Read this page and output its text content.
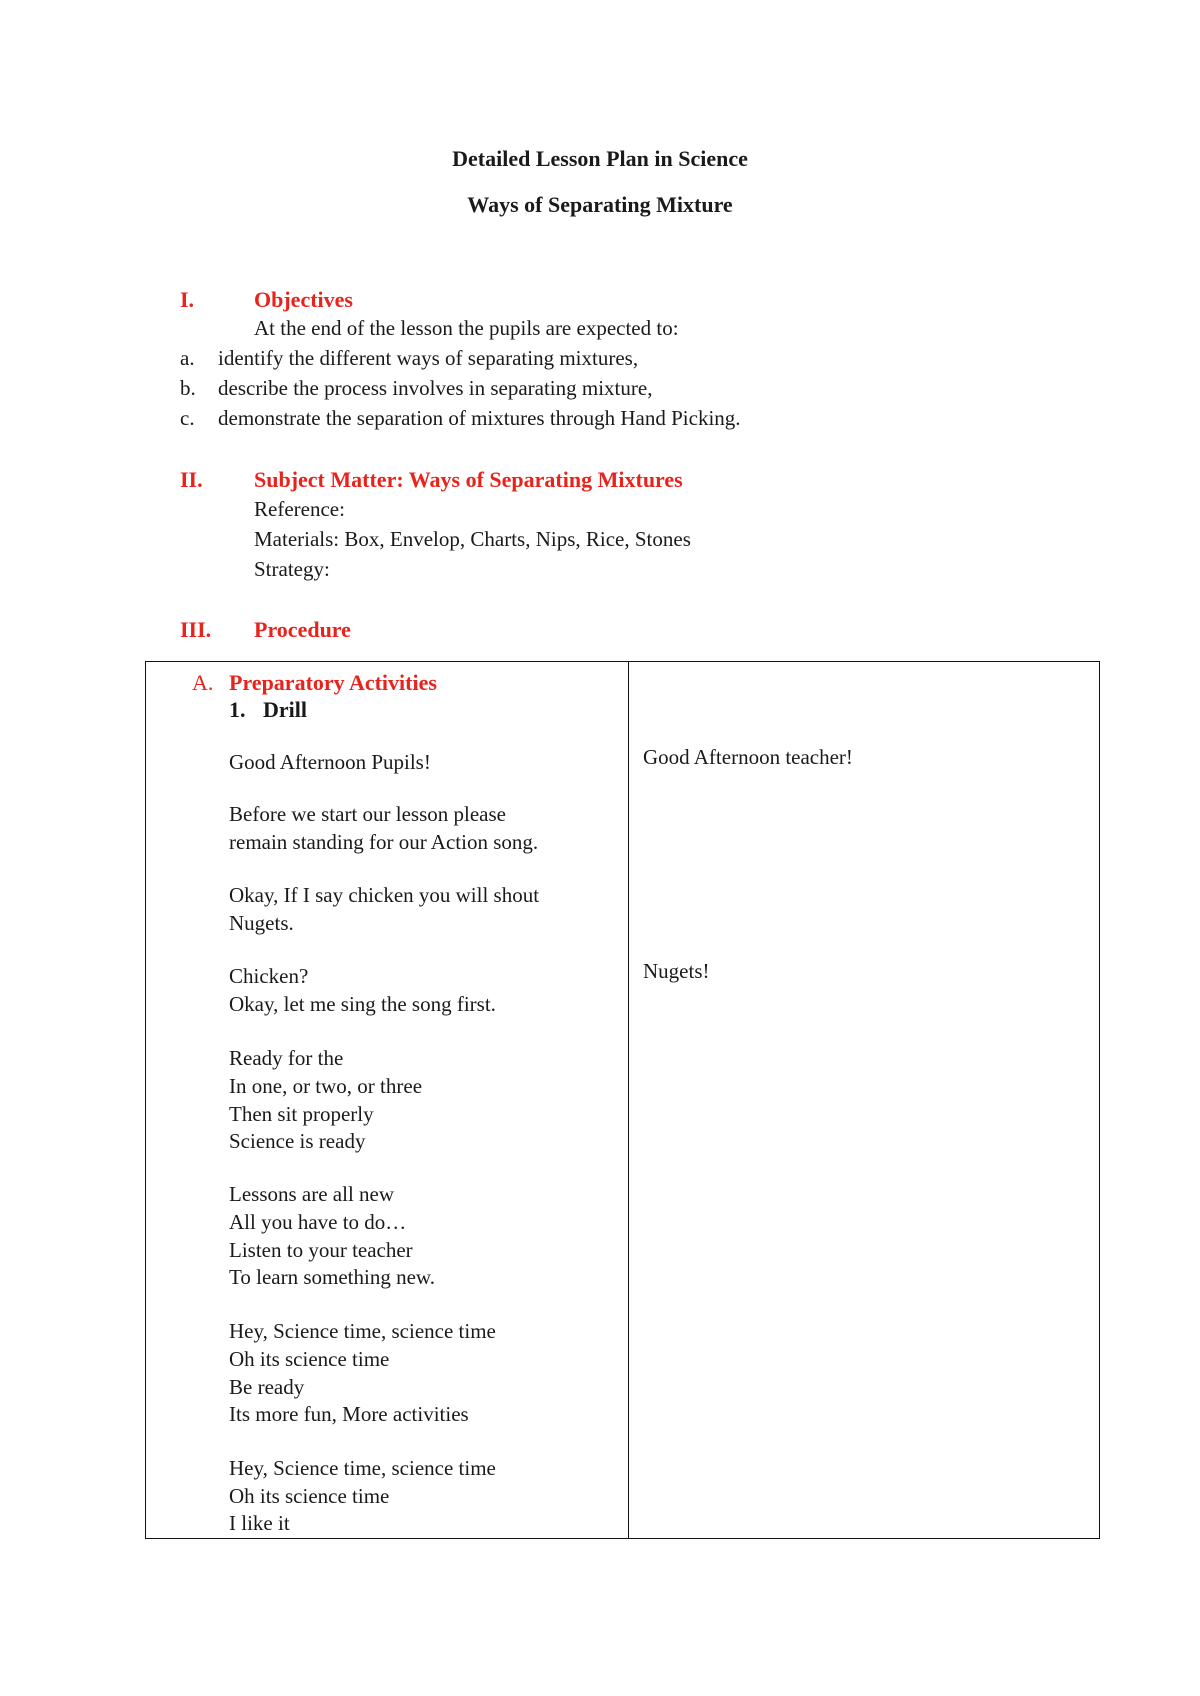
Detailed Lesson Plan in Science
Ways of Separating Mixture
I.	Objectives
At the end of the lesson the pupils are expected to:
a. identify the different ways of separating mixtures,
b. describe the process involves in separating mixture,
c. demonstrate the separation of mixtures through Hand Picking.
II. Subject Matter: Ways of Separating Mixtures
Reference:
Materials: Box, Envelop, Charts, Nips, Rice, Stones
Strategy:
III. Procedure
A. Preparatory Activities
1. Drill
Good Afternoon Pupils!
Before we start our lesson please
remain standing for our Action song.
Okay, If I say chicken you will shout
Nugets.
Chicken?
Okay, let me sing the song first.
Ready for the
In one, or two, or three
Then sit properly
Science is ready
Lessons are all new
All you have to do…
Listen to your teacher
To learn something new.
Hey, Science time, science time
Oh its science time
Be ready
Its more fun, More activities
Hey, Science time, science time
Oh its science time
I like it
Good Afternoon teacher!
Nugets!
